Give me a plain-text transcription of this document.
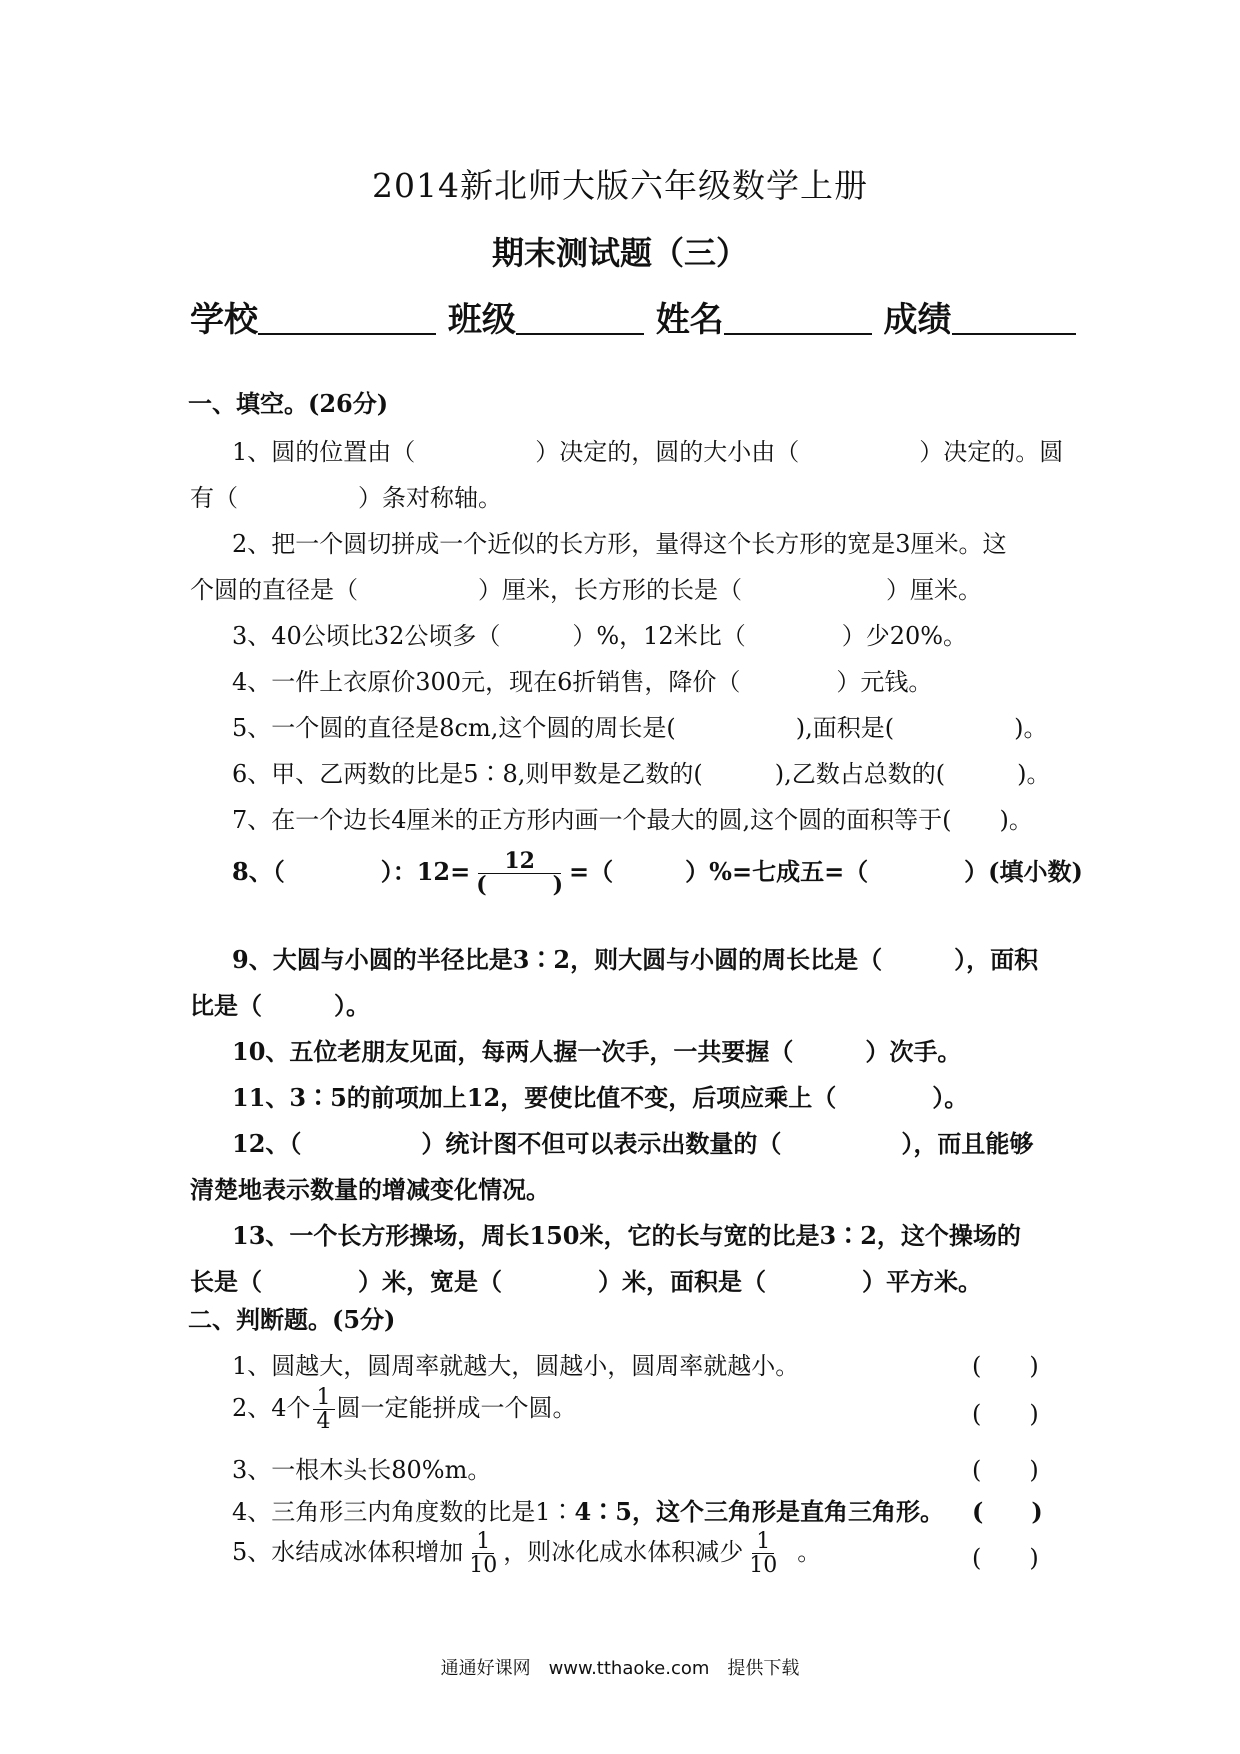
2014新北师大版六年级数学上册
期末测试题（三）
学校	班级	姓名	成绩
一、填空。(26分)
1、圆的位置由（　　　　　）决定的，圆的大小由（　　　　　）决定的。圆
有（　　　　　）条对称轴。
2、把一个圆切拼成一个近似的长方形，量得这个长方形的宽是3厘米。这
个圆的直径是（　　　　　）厘米，长方形的长是（　　　　　　）厘米。
3、40公顷比32公顷多（　　　）%，12米比（　　　　）少20%。
4、一件上衣原价300元，现在6折销售，降价（　　　　）元钱。
5、一个圆的直径是8cm,这个圆的周长是(　　　　　),面积是(　　　　　)。
6、甲、乙两数的比是5∶8,则甲数是乙数的(　　　),乙数占总数的(　　　)。
7、在一个边长4厘米的正方形内画一个最大的圆,这个圆的面积等于(　　)。
8、（　　　　）：$12= \frac{12}{( )}$ =（　　　）%=七成五=（　　　　）(填小数)
9、大圆与小圆的半径比是3∶2，则大圆与小圆的周长比是（　　　），面积
比是（　　　）。
10、五位老朋友见面，每两人握一次手，一共要握（　　　）次手。
11、3∶5的前项加上12，要使比值不变，后项应乘上（　　　　）。
12、（　　　　　）统计图不但可以表示出数量的（　　　　　），而且能够
清楚地表示数量的增减变化情况。
13、一个长方形操场，周长150米，它的长与宽的比是3∶2，这个操场的
长是（　　　　）米，宽是（　　　　）米，面积是（　　　　）平方米。
二、判断题。(5分)
1、圆越大，圆周率就越大，圆越小，圆周率就越小。	(　　)
2、4个 $\frac{1}{4}$ 圆一定能拼成一个圆。	(　　)
3、一根木头长80%m。	(　　)
4、三角形三内角度数的比是1∶4∶5，这个三角形是直角三角形。 (　　)
5、水结成冰体积增加 $\frac{1}{10}$ ，则冰化成水体积减少 $\frac{1}{10}$ 。	(　　)
通通好课网　www.tthaoke.com　提供下载
